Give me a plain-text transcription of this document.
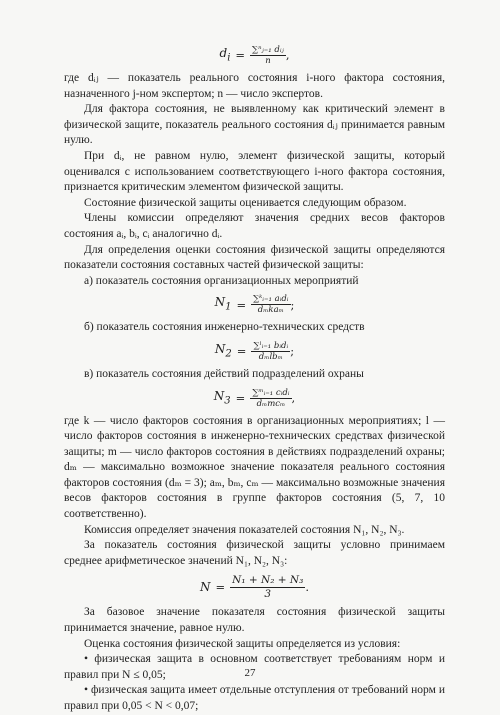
$d_i = \frac{\text{∑ⁿⱼ₌₁ dᵢⱼ}}{n}$ ,

где dᵢⱼ — показатель реального состояния i-ного фактора состояния, назначенного j-ном экспертом; n — число экспертов.

Для фактора состояния, не выявленному как критический элемент в физической защите, показатель реального состояния dᵢⱼ принимается равным нулю.

При dᵢ, не равном нулю, элемент физической защиты, который оценивался с использованием соответствующего i-ного фактора состояния, признается критическим элементом физической защиты.

Состояние физической защиты оценивается следующим образом.

Члены комиссии определяют значения средних весов факторов состояния aᵢ, bᵢ, cᵢ аналогично dᵢ.

Для определения оценки состояния физической защиты определяются показатели состояния составных частей физической защиты:

а) показатель состояния организационных мероприятий

$N_1 = \frac{\text{∑ᵏᵢ₌₁ aᵢdᵢ}}{\text{dₘkaₘ}}$ ;

б) показатель состояния инженерно-технических средств

$N_2 = \frac{\text{∑ˡᵢ₌₁ bᵢdᵢ}}{\text{dₘlbₘ}}$ ;

в) показатель состояния действий подразделений охраны

$N_3 = \frac{\text{∑ᵐᵢ₌₁ cᵢdᵢ}}{\text{dₘmcₘ}}$ ,

где k — число факторов состояния в организационных мероприятиях; l — число факторов состояния в инженерно-технических средствах физической защиты; m — число факторов состояния в действиях подразделений охраны; dₘ — максимально возможное значение показателя реального состояния факторов состояния (dₘ = 3); aₘ, bₘ, cₘ — максимально возможные значения весов факторов состояния в группе факторов состояния (5, 7, 10 соответственно).

Комиссия определяет значения показателей состояния N₁, N₂, N₃.

За показатель состояния физической защиты условно принимаем среднее арифметическое значений N₁, N₂, N₃:

$N = \frac{\text{N₁ + N₂ + N₃}}{3}$ .

За базовое значение показателя состояния физической защиты принимается значение, равное нулю.

Оценка состояния физической защиты определяется из условия:

• физическая защита в основном соответствует требованиям норм и правил при N ≤ 0,05;

• физическая защита имеет отдельные отступления от требований норм и правил при 0,05 < N < 0,07;

27
